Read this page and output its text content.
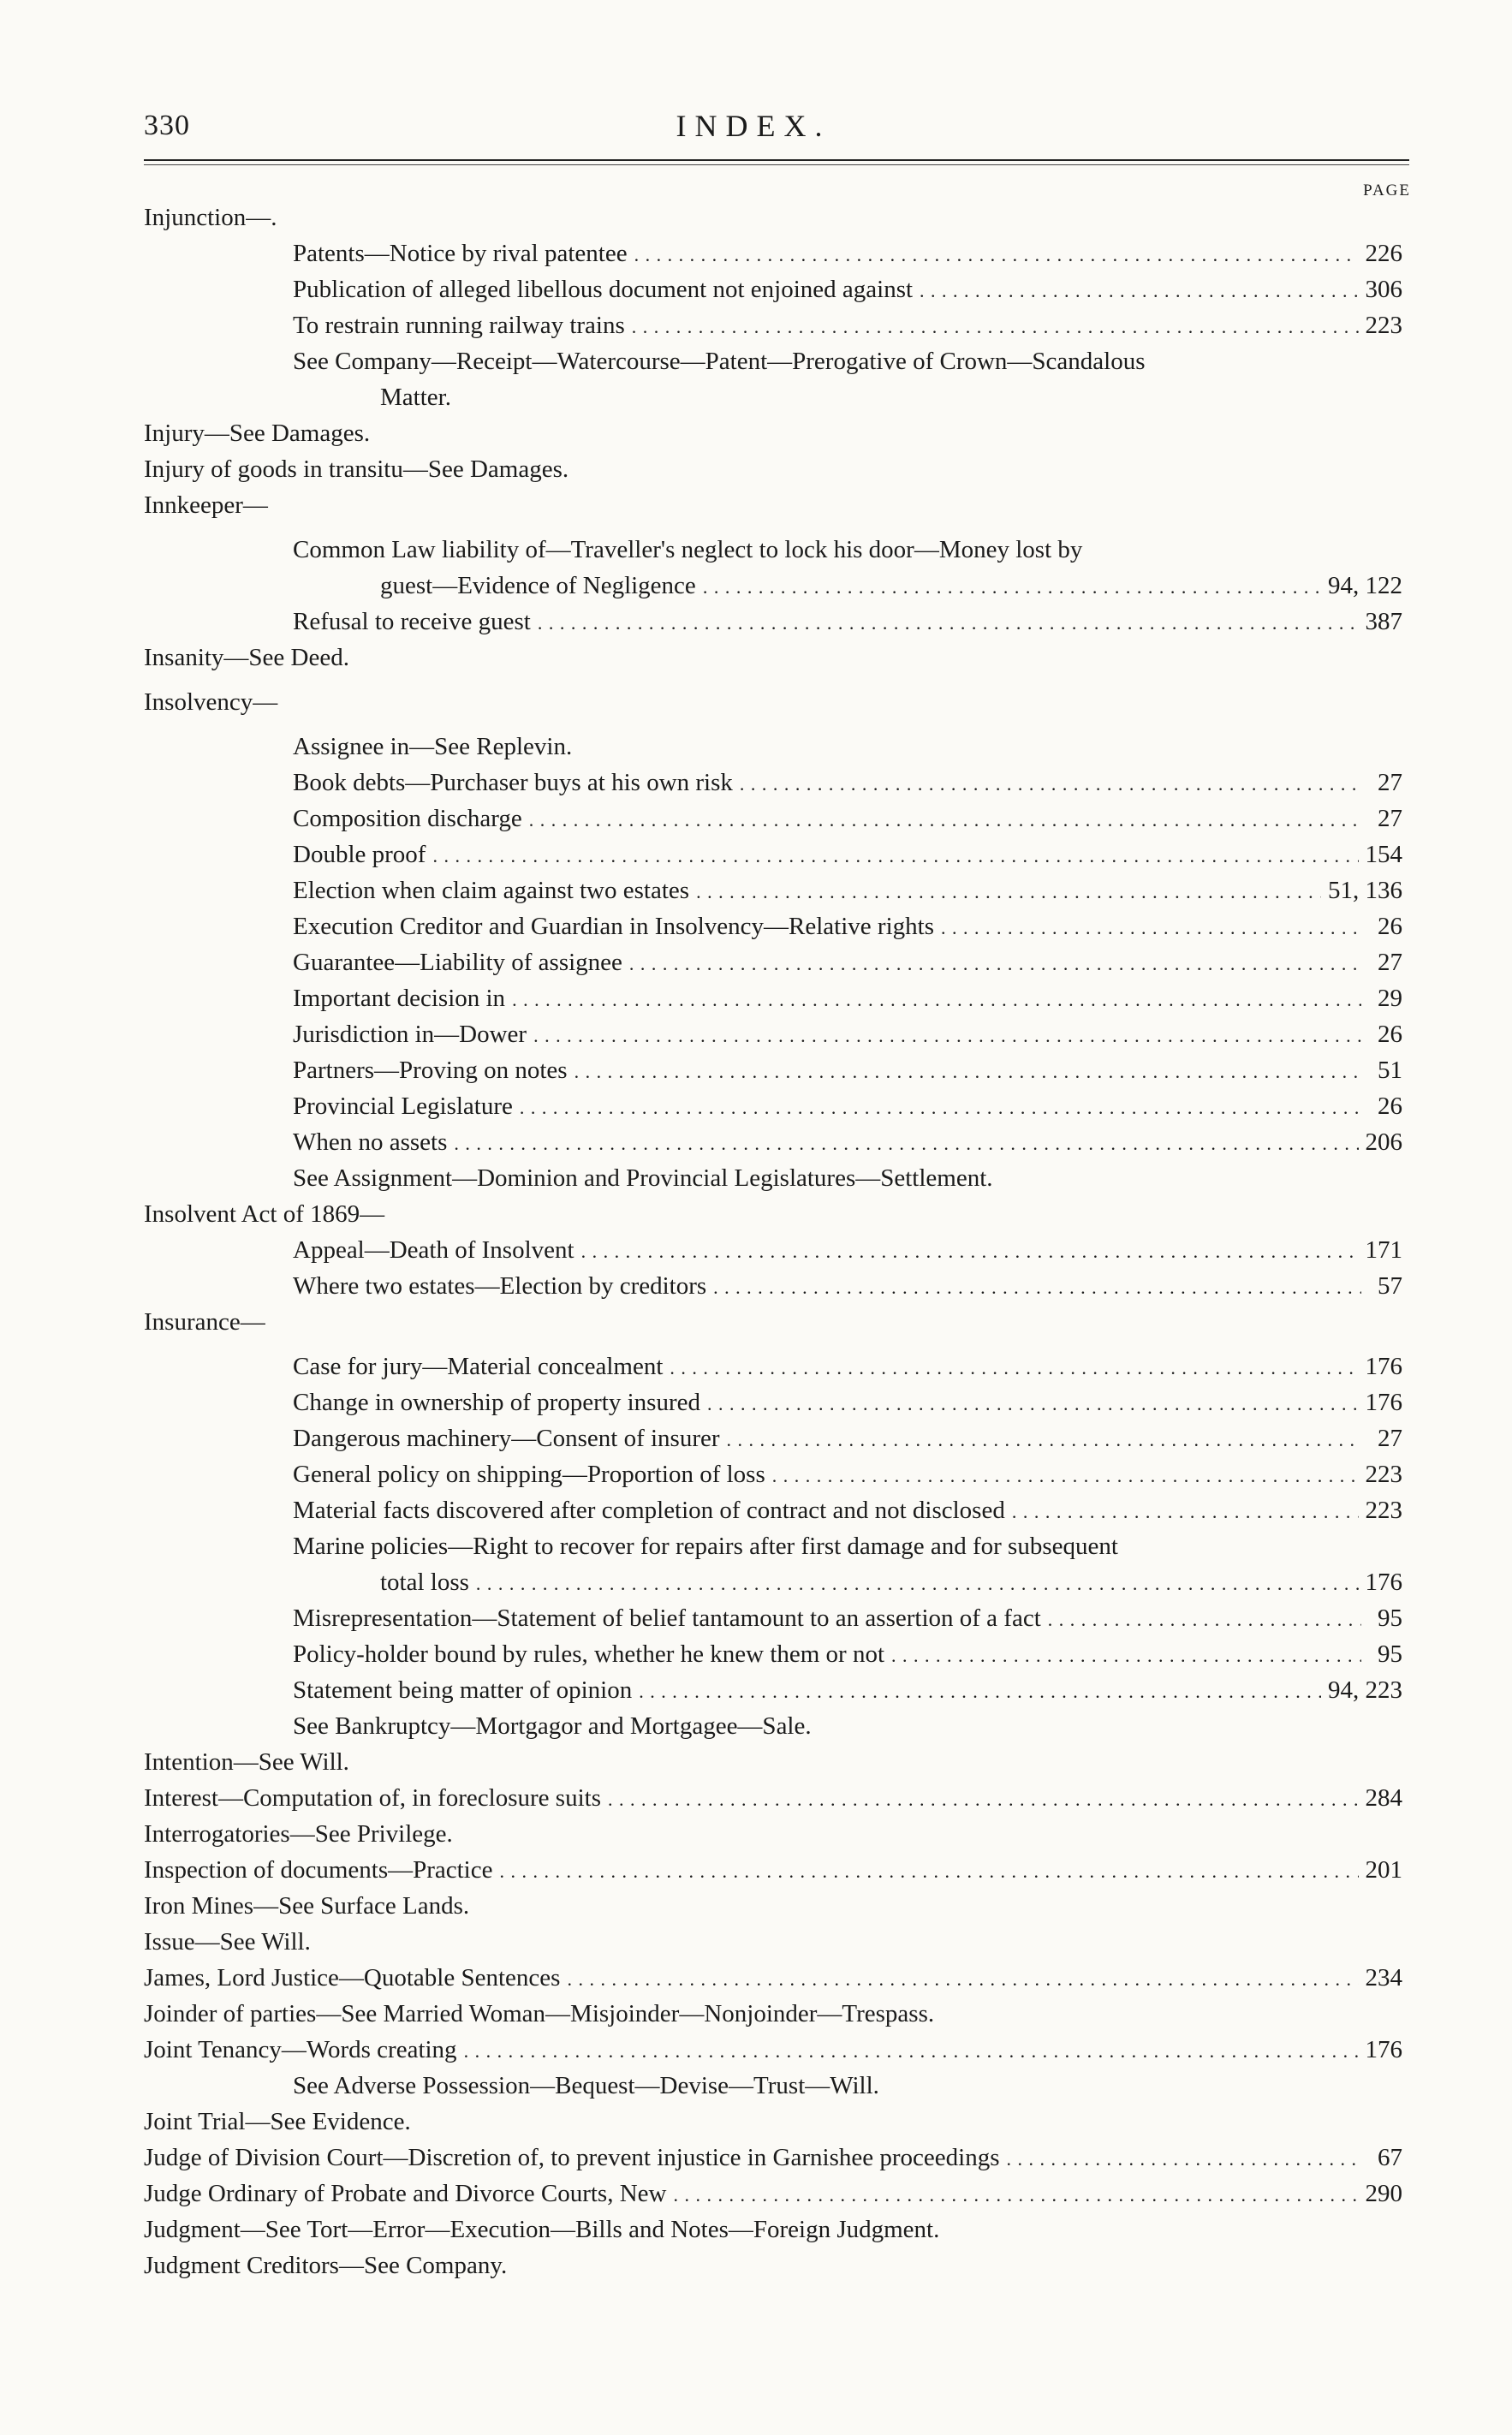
330	INDEX.
PAGE
Injunction—.
Patents—Notice by rival patentee . . .	226
Publication of alleged libellous document not enjoined against . . .	306
To restrain running railway trains . . .	223
See Company—Receipt—Watercourse—Patent—Prerogative of Crown—Scandalous
Matter.
Injury—See Damages.
Injury of goods in transitu—See Damages.
Innkeeper—
Common Law liability of—Traveller's neglect to lock his door—Money lost by
guest—Evidence of Negligence . . .	94, 122
Refusal to receive guest . . .	387
Insanity—See Deed.
Insolvency—
Assignee in—See Replevin.
Book debts—Purchaser buys at his own risk . . .	27
Composition discharge . . .	27
Double proof . . .	154
Election when claim against two estates . . .	51, 136
Execution Creditor and Guardian in Insolvency—Relative rights . . .	26
Guarantee—Liability of assignee . . .	27
Important decision in . . .	29
Jurisdiction in—Dower . . .	26
Partners—Proving on notes . . .	51
Provincial Legislature . . .	26
When no assets . . .	206
See Assignment—Dominion and Provincial Legislatures—Settlement.
Insolvent Act of 1869—
Appeal—Death of Insolvent . . .	171
Where two estates—Election by creditors . . .	57
Insurance—
Case for jury—Material concealment . . .	176
Change in ownership of property insured . . .	176
Dangerous machinery—Consent of insurer . . .	27
General policy on shipping—Proportion of loss . . .	223
Material facts discovered after completion of contract and not disclosed . . .	223
Marine policies—Right to recover for repairs after first damage and for subsequent
total loss . . .	176
Misrepresentation—Statement of belief tantamount to an assertion of a fact . . .	95
Policy-holder bound by rules, whether he knew them or not . . .	95
Statement being matter of opinion . . .	94, 223
See Bankruptcy—Mortgagor and Mortgagee—Sale.
Intention—See Will.
Interest—Computation of, in foreclosure suits . . .	284
Interrogatories—See Privilege.
Inspection of documents—Practice . . .	201
Iron Mines—See Surface Lands.
Issue—See Will.
James, Lord Justice—Quotable Sentences . . .	234
Joinder of parties—See Married Woman—Misjoinder—Nonjoinder—Trespass.
Joint Tenancy—Words creating . . .	176
See Adverse Possession—Bequest—Devise—Trust—Will.
Joint Trial—See Evidence.
Judge of Division Court—Discretion of, to prevent injustice in Garnishee proceedings . . .	67
Judge Ordinary of Probate and Divorce Courts, New . . .	290
Judgment—See Tort—Error—Execution—Bills and Notes—Foreign Judgment.
Judgment Creditors—See Company.
